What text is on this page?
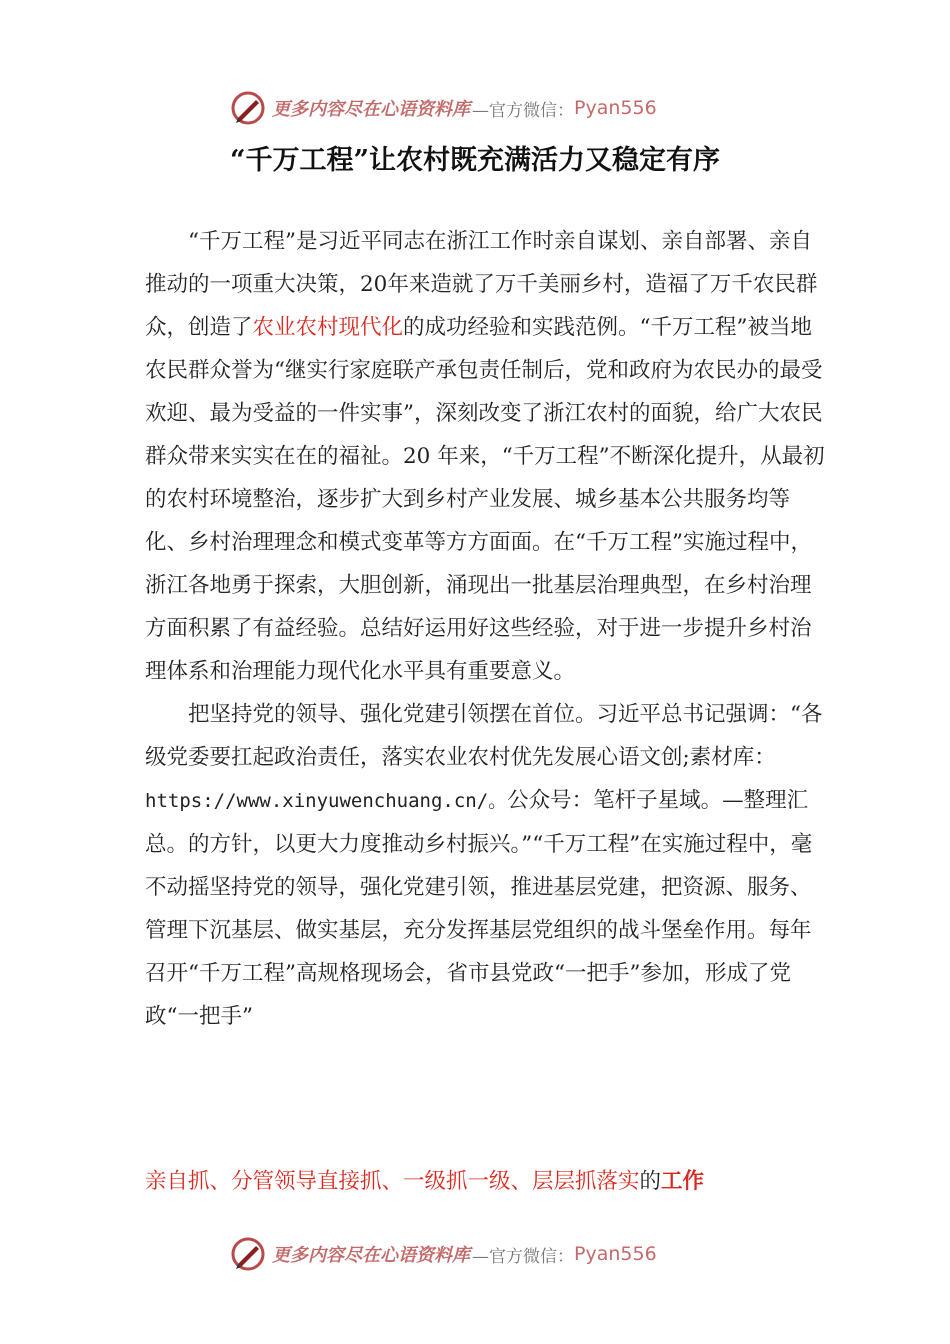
更多内容尽在心语资料库 —官方微信： Pyan556
“千万工程”让农村既充满活力又稳定有序

“千万工程”是习近平同志在浙江工作时亲自谋划、亲自部署、亲自推动的一项重大决策，20年来造就了万千美丽乡村，造福了万千农民群众，创造了农业农村现代化的成功经验和实践范例。“千万工程”被当地农民群众誉为“继实行家庭联产承包责任制后，党和政府为农民办的最受欢迎、最为受益的一件实事”，深刻改变了浙江农村的面貌，给广大农民群众带来实实在在的福祉。20 年来，“千万工程”不断深化提升，从最初的农村环境整治，逐步扩大到乡村产业发展、城乡基本公共服务均等化、乡村治理理念和模式变革等方方面面。在“千万工程”实施过程中，浙江各地勇于探索，大胆创新，涌现出一批基层治理典型，在乡村治理方面积累了有益经验。总结好运用好这些经验，对于进一步提升乡村治理体系和治理能力现代化水平具有重要意义。

把坚持党的领导、强化党建引领摆在首位。习近平总书记强调：“各级党委要扛起政治责任，落实农业农村优先发展心语文创;素材库：https://www.xinyuwenchuang.cn/。公众号：笔杆子星域。—整理汇总。的方针，以更大力度推动乡村振兴。”“千万工程”在实施过程中，毫不动摇坚持党的领导，强化党建引领，推进基层党建，把资源、服务、管理下沉基层、做实基层，充分发挥基层党组织的战斗堡垒作用。每年召开“千万工程”高规格现场会，省市县党政“一把手”参加，形成了党政“一把手”

亲自抓、分管领导直接抓、一级抓一级、层层抓落实的工作
更多内容尽在心语资料库 —官方微信： Pyan556
